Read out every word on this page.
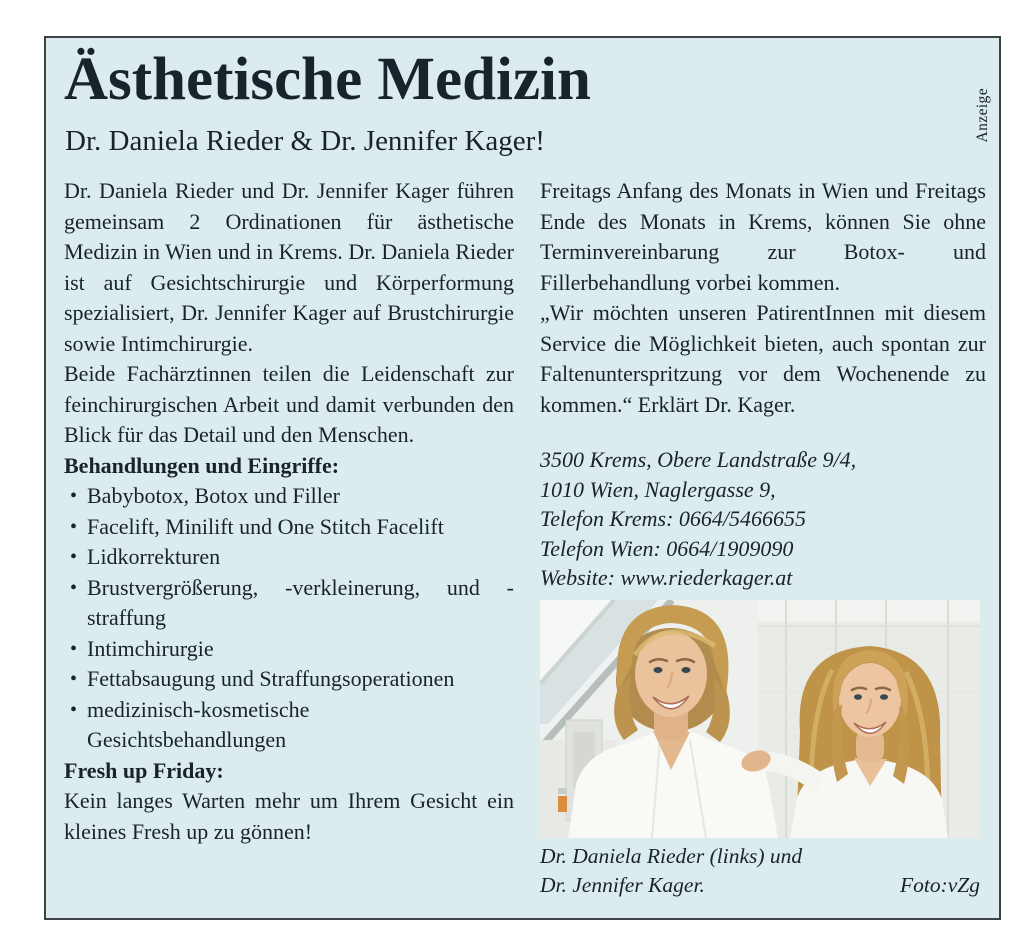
Anzeige
Ästhetische Medizin
Dr. Daniela Rieder & Dr. Jennifer Kager!

Dr. Daniela Rieder und Dr. Jennifer Kager führen gemeinsam 2 Ordinationen für ästhetische Medizin in Wien und in Krems. Dr. Daniela Rieder ist auf Gesichtschirurgie und Körperformung spezialisiert, Dr. Jennifer Kager auf Brustchirurgie sowie Intimchirurgie.

Beide Fachärztinnen teilen die Leidenschaft zur feinchirurgischen Arbeit und damit verbunden den Blick für das Detail und den Menschen.

Behandlungen und Eingriffe:

• Babybotox, Botox und Filler
• Facelift, Minilift und One Stitch Facelift
• Lidkorrekturen
• Brustvergrößerung, -verkleinerung, und -straffung
• Intimchirurgie
• Fettabsaugung und Straffungsoperationen
• medizinisch-kosmetische Gesichtsbehandlungen

Fresh up Friday:

Kein langes Warten mehr um Ihrem Gesicht ein kleines Fresh up zu gönnen!

Freitags Anfang des Monats in Wien und Freitags Ende des Monats in Krems, können Sie ohne Terminvereinbarung zur Botox- und Fillerbehandlung vorbei kommen.

„Wir möchten unseren PatirentInnen mit diesem Service die Möglichkeit bieten, auch spontan zur Faltenunterspritzung vor dem Wochenende zu kommen.“ Erklärt Dr. Kager.

3500 Krems, Obere Landstraße 9/4,
1010 Wien, Naglergasse 9,
Telefon Krems: 0664/5466655
Telefon Wien: 0664/1909090
Website: www.riederkager.at
Dr. Daniela Rieder (links) und
Dr. Jennifer Kager.	Foto:vZg
